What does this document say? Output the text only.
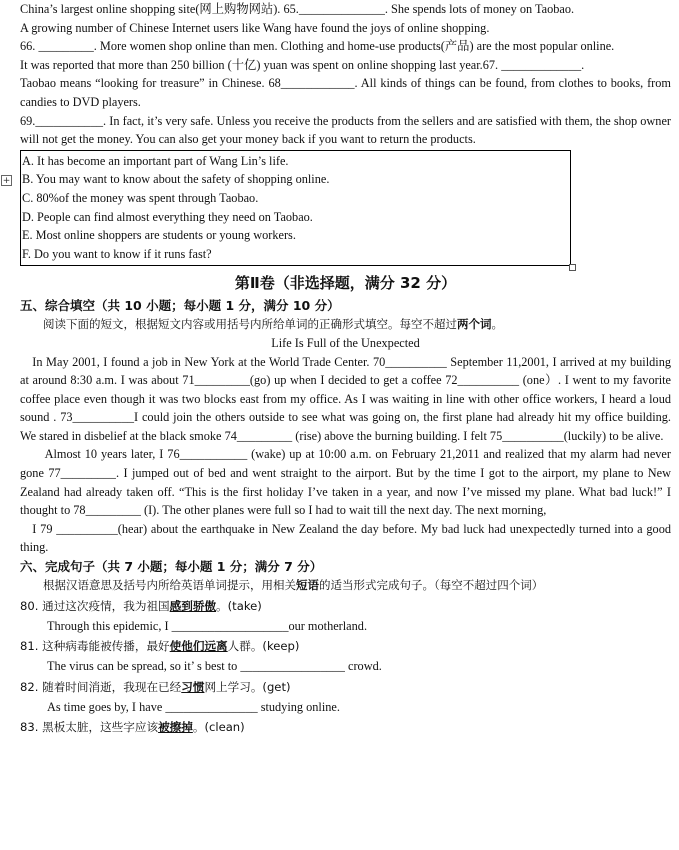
+

China’s largest online shopping site(网上购物网站). 65.______________. She spends lots of money on Taobao.

A growing number of Chinese Internet users like Wang have found the joys of online shopping.

66. _________. More women shop online than men. Clothing and home-use products(产品) are the most popular online.

It was reported that more than 250 billion (十亿) yuan was spent on online shopping last year.67. _____________.

Taobao means “looking for treasure” in Chinese. 68____________. All kinds of things can be found, from clothes to books, from candies to DVD players.

69.___________. In fact, it’s very safe. Unless you receive the products from the sellers and are satisfied with them, the shop owner will not get the money. You can also get your money back if you want to return the products.

A. It has become an important part of Wang Lin’s life.

B. You may want to know about the safety of shopping online.

C. 80%of the money was spent through Taobao.

D. People can find almost everything they need on Taobao.

E. Most online shoppers are students or young workers.

F. Do you want to know if it runs fast?

第Ⅱ卷（非选择题，满分 32 分）

五、综合填空（共 10 小题；每小题 1 分，满分 10 分）

阅读下面的短文，根据短文内容或用括号内所给单词的正确形式填空。每空不超过两个词。

Life Is Full of the Unexpected

In May 2001, I found a job in New York at the World Trade Center. 70__________ September 11,2001, I arrived at my building at around 8:30 a.m. I was about 71_________(go) up when I decided to get a coffee 72__________ (one）. I went to my favorite coffee place even though it was two blocks east from my office. As I was waiting in line with other office workers, I heard a loud sound . 73__________I could join the others outside to see what was going on, the first plane had already hit my office building. We stared in disbelief at the black smoke 74_________ (rise) above the burning building. I felt 75__________(luckily) to be alive.

Almost 10 years later, I 76___________ (wake) up at 10:00 a.m. on February 21,2011 and realized that my alarm had never gone 77_________. I jumped out of bed and went straight to the airport. But by the time I got to the airport, my plane to New Zealand had already taken off. “This is the first holiday I’ve taken in a year, and now I’ve missed my plane. What bad luck!” I thought to 78_________ (I). The other planes were full so I had to wait till the next day. The next morning,

I 79 __________(hear) about the earthquake in New Zealand the day before. My bad luck had unexpectedly turned into a good thing.

六、完成句子（共 7 小题；每小题 1 分；满分 7 分）

根据汉语意思及括号内所给英语单词提示，用相关短语的适当形式完成句子。（每空不超过四个词）

80. 通过这次疫情，我为祖国感到骄傲。(take)

Through this epidemic, I ___________________our motherland.

81. 这种病毒能被传播，最好使他们远离人群。(keep)

The virus can be spread, so it’ s best to _________________ crowd.

82. 随着时间消逝，我现在已经习惯网上学习。(get)

As time goes by, I have _______________ studying online.

83. 黑板太脏，这些字应该被擦掉。(clean)
